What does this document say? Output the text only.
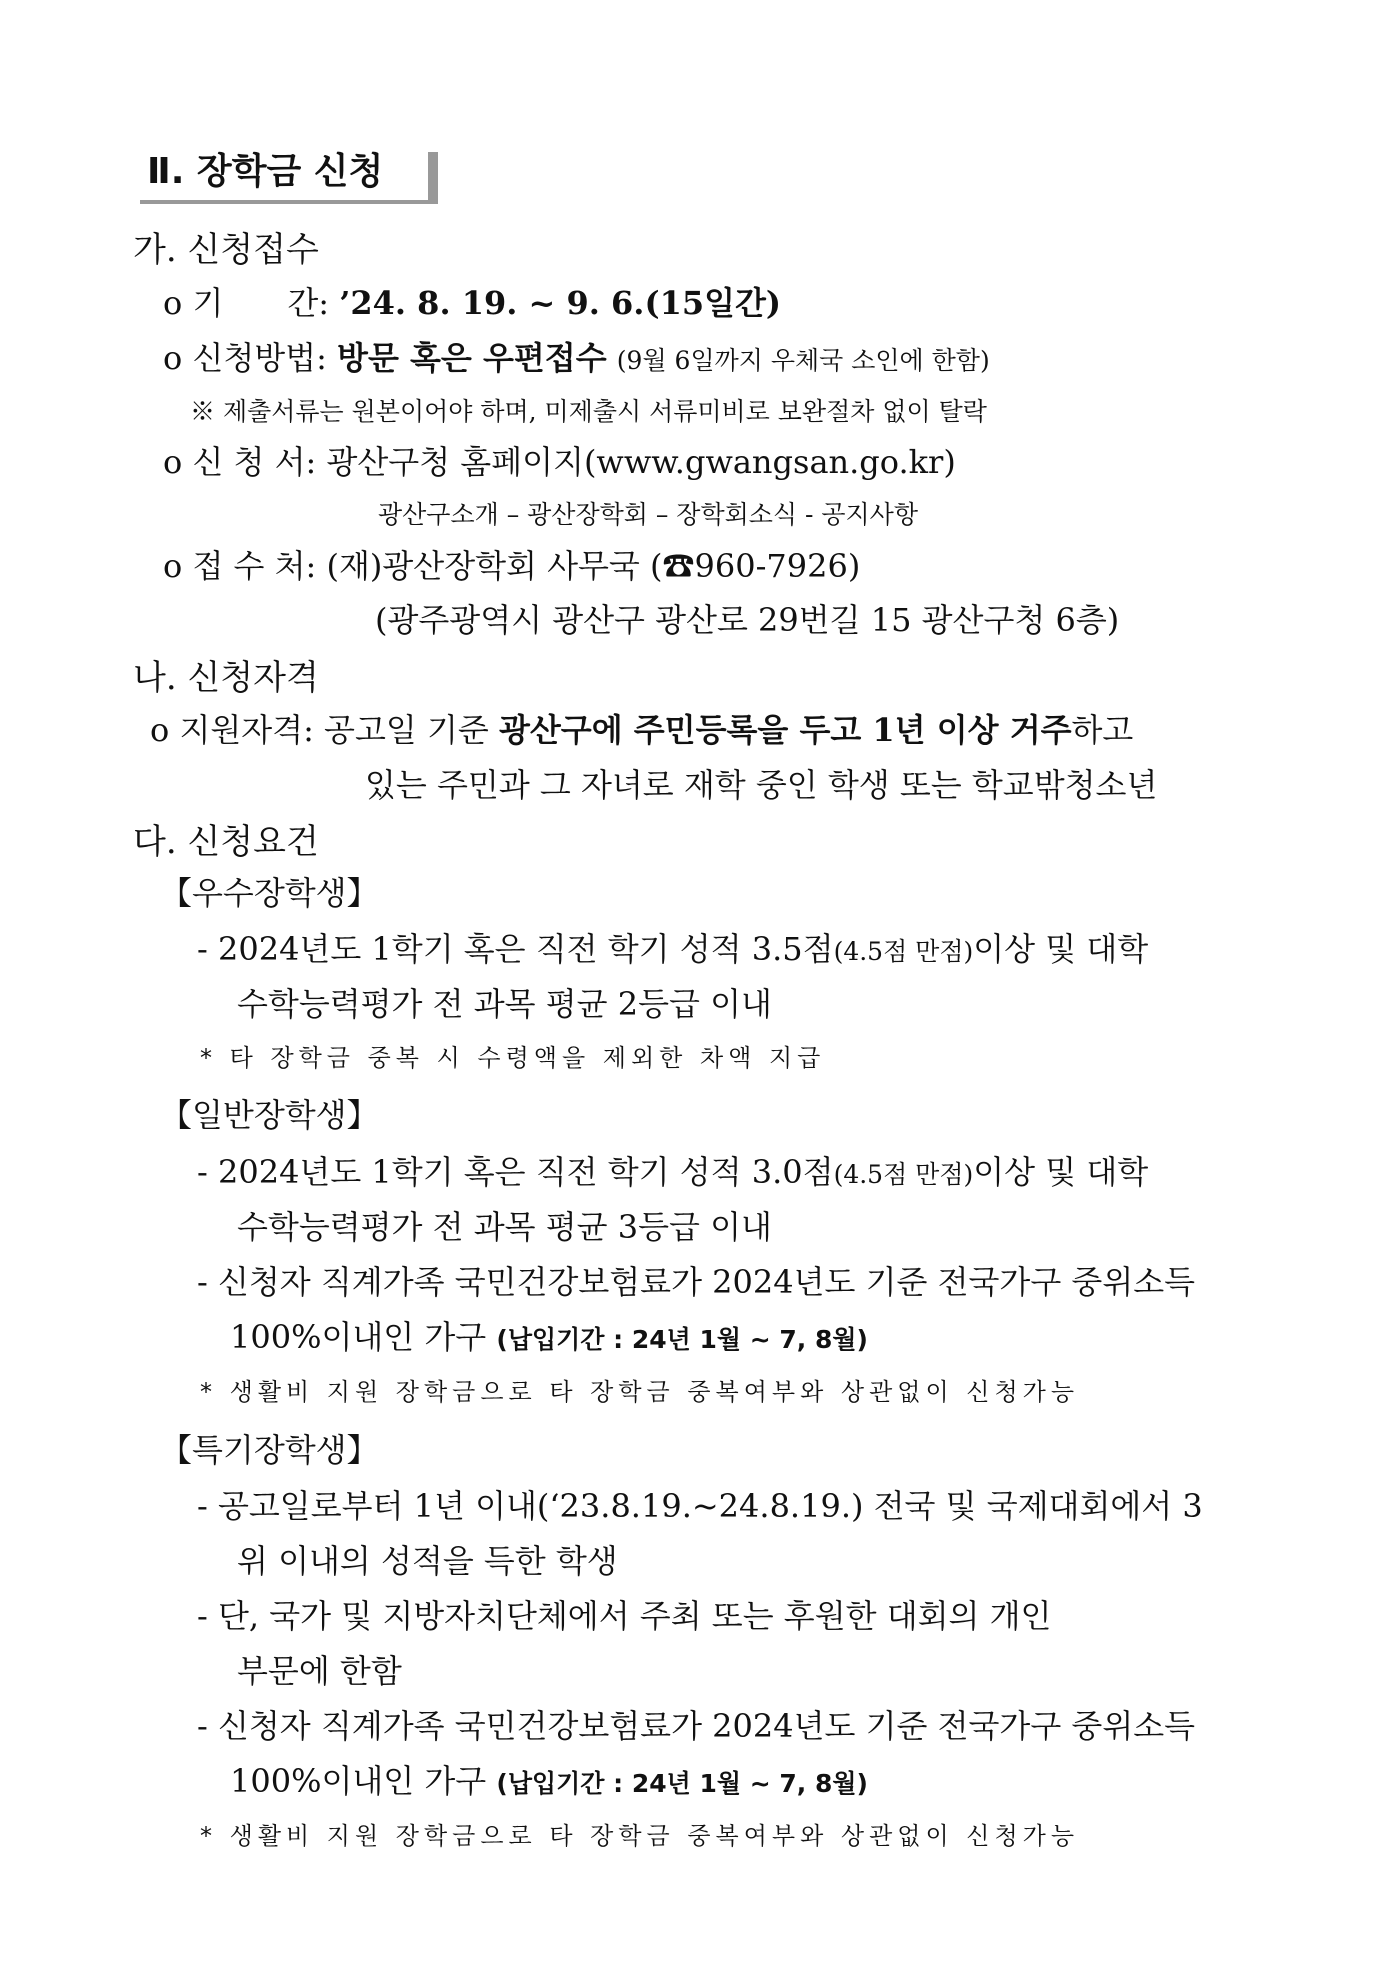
Ⅱ. 장학금 신청
가. 신청접수
o 기　　간: ’24. 8. 19. ~ 9. 6.(15일간)
o 신청방법: 방문 혹은 우편접수 (9월 6일까지 우체국 소인에 한함)
※ 제출서류는 원본이어야 하며, 미제출시 서류미비로 보완절차 없이 탈락
o 신 청 서: 광산구청 홈페이지(www.gwangsan.go.kr)
광산구소개 – 광산장학회 – 장학회소식 - 공지사항
o 접 수 처: (재)광산장학회 사무국 (☎960-7926)
(광주광역시 광산구 광산로 29번길 15 광산구청 6층)
나. 신청자격
o 지원자격: 공고일 기준 광산구에 주민등록을 두고 1년 이상 거주하고
있는 주민과 그 자녀로 재학 중인 학생 또는 학교밖청소년
다. 신청요건
【우수장학생】
- 2024년도 1학기 혹은 직전 학기 성적 3.5점(4.5점 만점)이상 및 대학
수학능력평가 전 과목 평균 2등급 이내
* 타 장학금 중복 시 수령액을 제외한 차액 지급
【일반장학생】
- 2024년도 1학기 혹은 직전 학기 성적 3.0점(4.5점 만점)이상 및 대학
수학능력평가 전 과목 평균 3등급 이내
- 신청자 직계가족 국민건강보험료가 2024년도 기준 전국가구 중위소득
100%이내인 가구 (납입기간 : 24년 1월 ~ 7, 8월)
* 생활비 지원 장학금으로 타 장학금 중복여부와 상관없이 신청가능
【특기장학생】
- 공고일로부터 1년 이내(‘23.8.19.~24.8.19.) 전국 및 국제대회에서 3
위 이내의 성적을 득한 학생
- 단, 국가 및 지방자치단체에서 주최 또는 후원한 대회의 개인
부문에 한함
- 신청자 직계가족 국민건강보험료가 2024년도 기준 전국가구 중위소득
100%이내인 가구 (납입기간 : 24년 1월 ~ 7, 8월)
* 생활비 지원 장학금으로 타 장학금 중복여부와 상관없이 신청가능
